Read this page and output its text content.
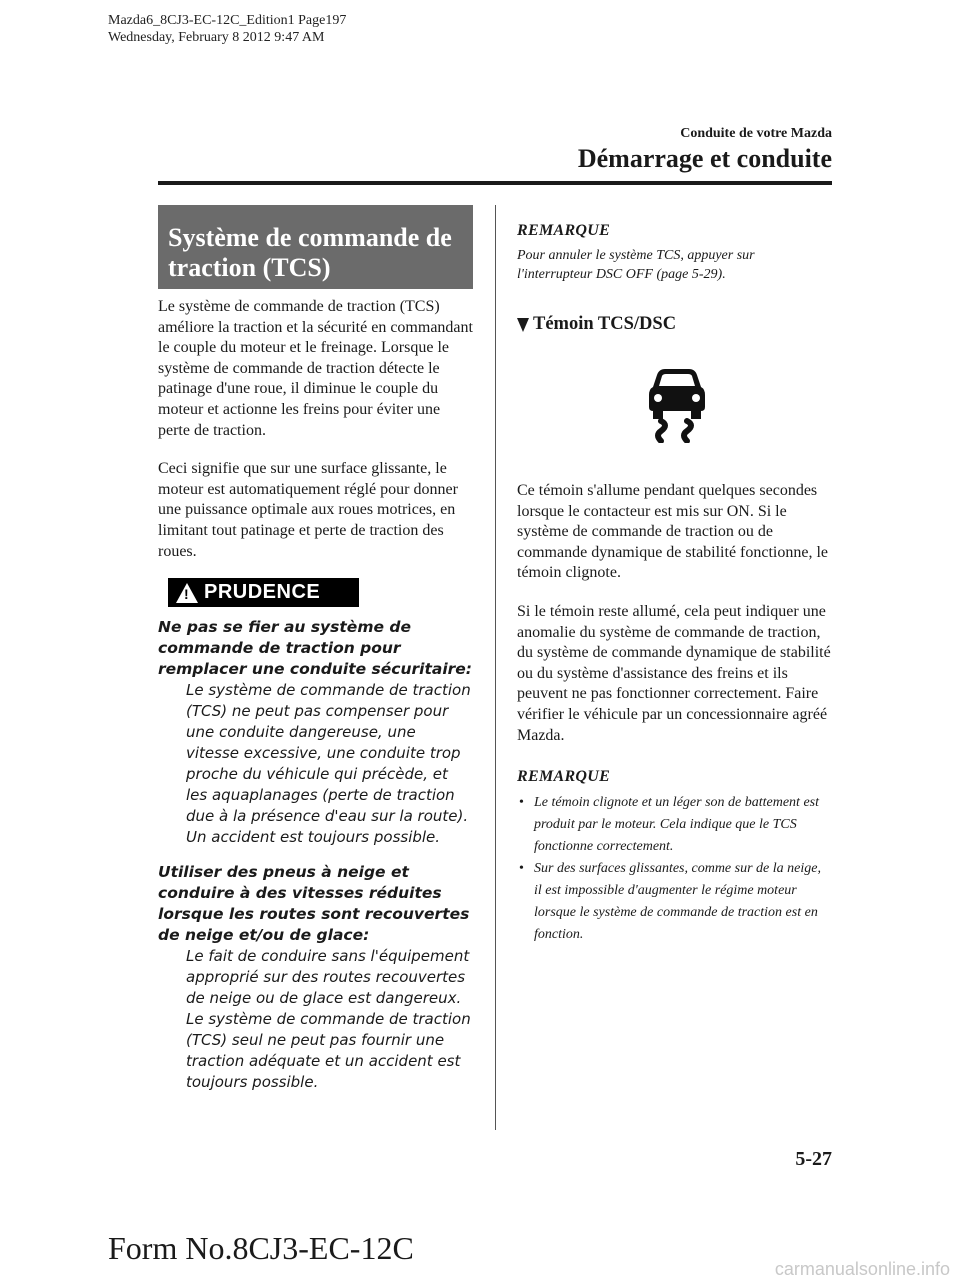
Mazda6_8CJ3-EC-12C_Edition1 Page197
Wednesday, February 8 2012 9:47 AM
Conduite de votre Mazda
Démarrage et conduite
Système de commande de
traction (TCS)

Le système de commande de traction (TCS) améliore la traction et la sécurité en commandant le couple du moteur et le freinage. Lorsque le système de commande de traction détecte le patinage d'une roue, il diminue le couple du moteur et actionne les freins pour éviter une perte de traction.

Ceci signifie que sur une surface glissante, le moteur est automatiquement réglé pour donner une puissance optimale aux roues motrices, en limitant tout patinage et perte de traction des roues.

! PRUDENCE
Ne pas se fier au système de commande de traction pour remplacer une conduite sécuritaire:
Le système de commande de traction (TCS) ne peut pas compenser pour une conduite dangereuse, une vitesse excessive, une conduite trop proche du véhicule qui précède, et les aquaplanages (perte de traction due à la présence d'eau sur la route). Un accident est toujours possible.
Utiliser des pneus à neige et conduire à des vitesses réduites lorsque les routes sont recouvertes de neige et/ou de glace:
Le fait de conduire sans l'équipement approprié sur des routes recouvertes de neige ou de glace est dangereux. Le système de commande de traction (TCS) seul ne peut pas fournir une traction adéquate et un accident est toujours possible.
REMARQUE
Pour annuler le système TCS, appuyer sur l'interrupteur DSC OFF (page 5-29).
Témoin TCS/DSC

Ce témoin s'allume pendant quelques secondes lorsque le contacteur est mis sur ON. Si le système de commande de traction ou de commande dynamique de stabilité fonctionne, le témoin clignote.

Si le témoin reste allumé, cela peut indiquer une anomalie du système de commande de traction, du système de commande dynamique de stabilité ou du système d'assistance des freins et ils peuvent ne pas fonctionner correctement. Faire vérifier le véhicule par un concessionnaire agréé Mazda.

REMARQUE
• Le témoin clignote et un léger son de battement est produit par le moteur. Cela indique que le TCS fonctionne correctement.
• Sur des surfaces glissantes, comme sur de la neige, il est impossible d'augmenter le régime moteur lorsque le système de commande de traction est en fonction.
5-27
Form No.8CJ3-EC-12C
carmanualsonline.info
